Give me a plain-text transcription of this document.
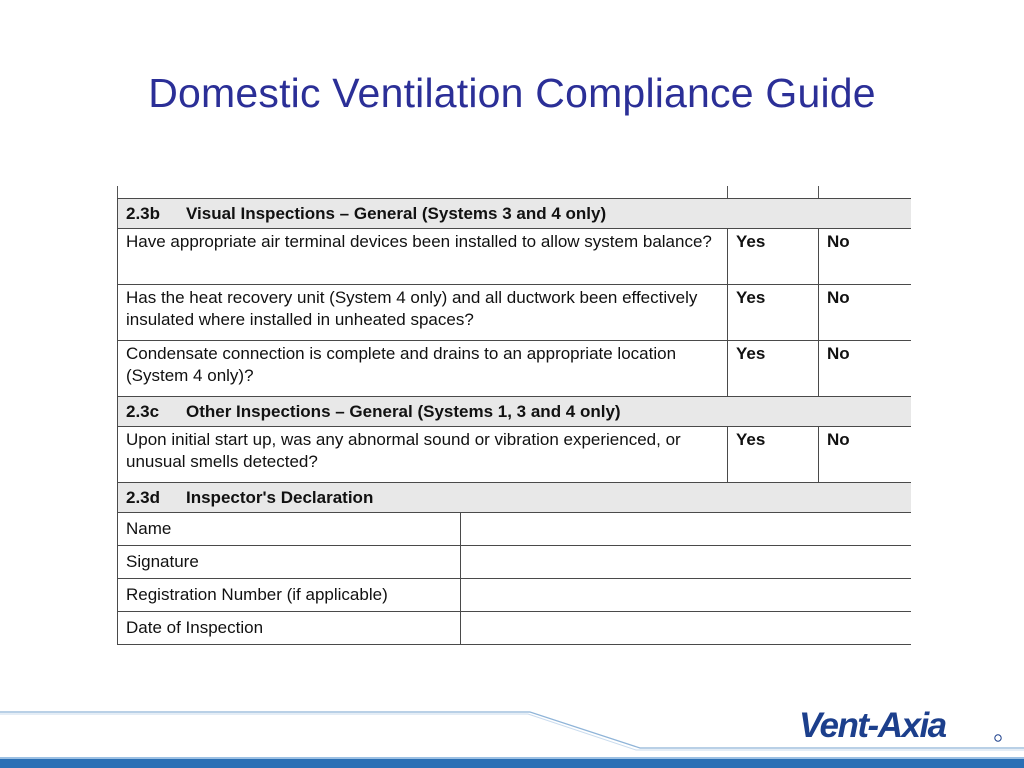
Domestic Ventilation Compliance Guide
2.3b Visual Inspections – General (Systems 3 and 4 only)			
Have appropriate air terminal devices been installed to allow system balance?		Yes	No
Has the heat recovery unit (System 4 only) and all ductwork been effectively insulated where installed in unheated spaces?		Yes	No
Condensate connection is complete and drains to an appropriate location (System 4 only)?		Yes	No
2.3c Other Inspections – General (Systems 1, 3 and 4 only)			
Upon initial start up, was any abnormal sound or vibration experienced, or unusual smells detected?		Yes	No
2.3d Inspector's Declaration			
Name			
Signature			
Registration Number (if applicable)			
Date of Inspection			
Vent-Axia
